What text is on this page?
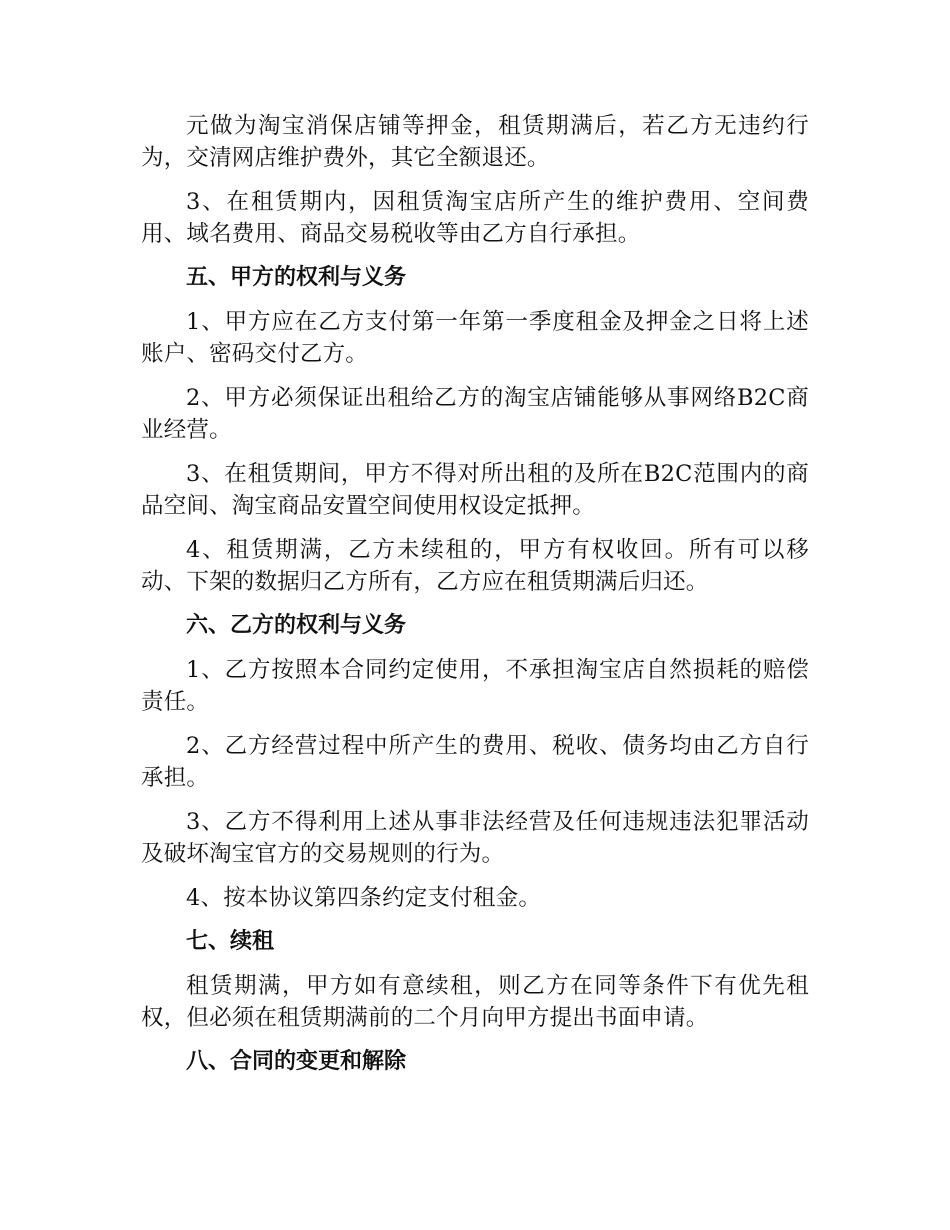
元做为淘宝消保店铺等押金，租赁期满后，若乙方无违约行为，交清网店维护费外，其它全额退还。

3、在租赁期内，因租赁淘宝店所产生的维护费用、空间费用、域名费用、商品交易税收等由乙方自行承担。

五、甲方的权利与义务

1、甲方应在乙方支付第一年第一季度租金及押金之日将上述账户、密码交付乙方。

2、甲方必须保证出租给乙方的淘宝店铺能够从事网络B2C商业经营。

3、在租赁期间，甲方不得对所出租的及所在B2C范围内的商品空间、淘宝商品安置空间使用权设定抵押。

4、租赁期满，乙方未续租的，甲方有权收回。所有可以移动、下架的数据归乙方所有，乙方应在租赁期满后归还。

六、乙方的权利与义务

1、乙方按照本合同约定使用，不承担淘宝店自然损耗的赔偿责任。

2、乙方经营过程中所产生的费用、税收、债务均由乙方自行承担。

3、乙方不得利用上述从事非法经营及任何违规违法犯罪活动及破坏淘宝官方的交易规则的行为。

4、按本协议第四条约定支付租金。

七、续租

租赁期满，甲方如有意续租，则乙方在同等条件下有优先租权，但必须在租赁期满前的二个月向甲方提出书面申请。

八、合同的变更和解除
